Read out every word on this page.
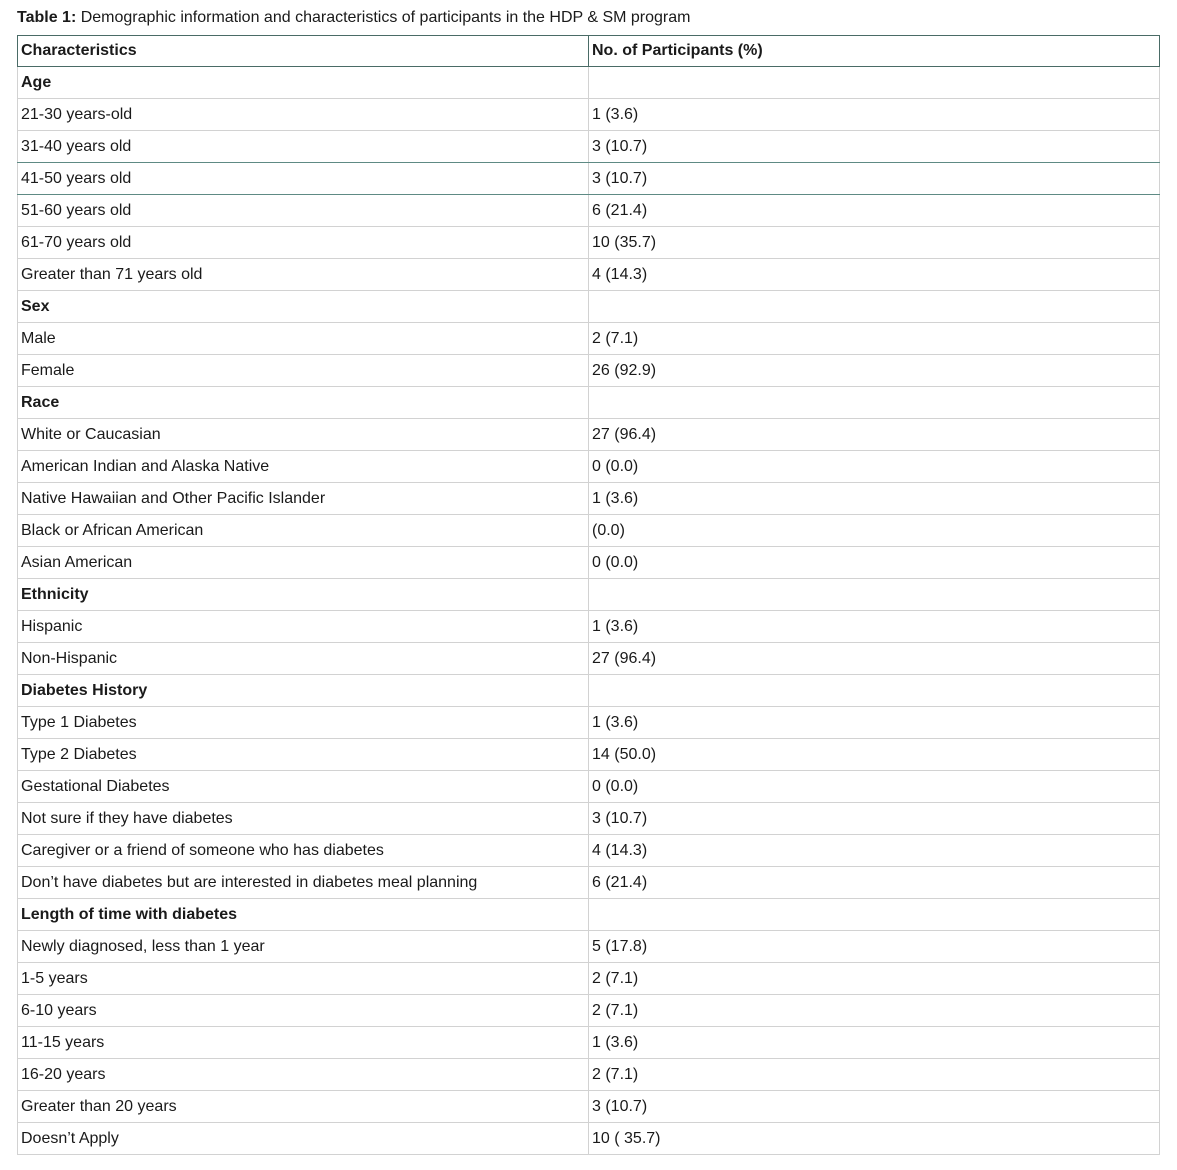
Table 1: Demographic information and characteristics of participants in the HDP & SM program
Characteristics	No. of Participants (%)
Age	
21-30 years-old	1 (3.6)
31-40 years old	3 (10.7)
41-50 years old	3 (10.7)
51-60 years old	6 (21.4)
61-70 years old	10 (35.7)
Greater than 71 years old	4 (14.3)
Sex	
Male	2 (7.1)
Female	26 (92.9)
Race	
White or Caucasian	27 (96.4)
American Indian and Alaska Native	0 (0.0)
Native Hawaiian and Other Pacific Islander	1 (3.6)
Black or African American	(0.0)
Asian American	0 (0.0)
Ethnicity	
Hispanic	1 (3.6)
Non-Hispanic	27 (96.4)
Diabetes History	
Type 1 Diabetes	1 (3.6)
Type 2 Diabetes	14 (50.0)
Gestational Diabetes	0 (0.0)
Not sure if they have diabetes	3 (10.7)
Caregiver or a friend of someone who has diabetes	4 (14.3)
Don’t have diabetes but are interested in diabetes meal planning	6 (21.4)
Length of time with diabetes	
Newly diagnosed, less than 1 year	5 (17.8)
1-5 years	2 (7.1)
6-10 years	2 (7.1)
11-15 years	1 (3.6)
16-20 years	2 (7.1)
Greater than 20 years	3 (10.7)
Doesn’t Apply	10 ( 35.7)
